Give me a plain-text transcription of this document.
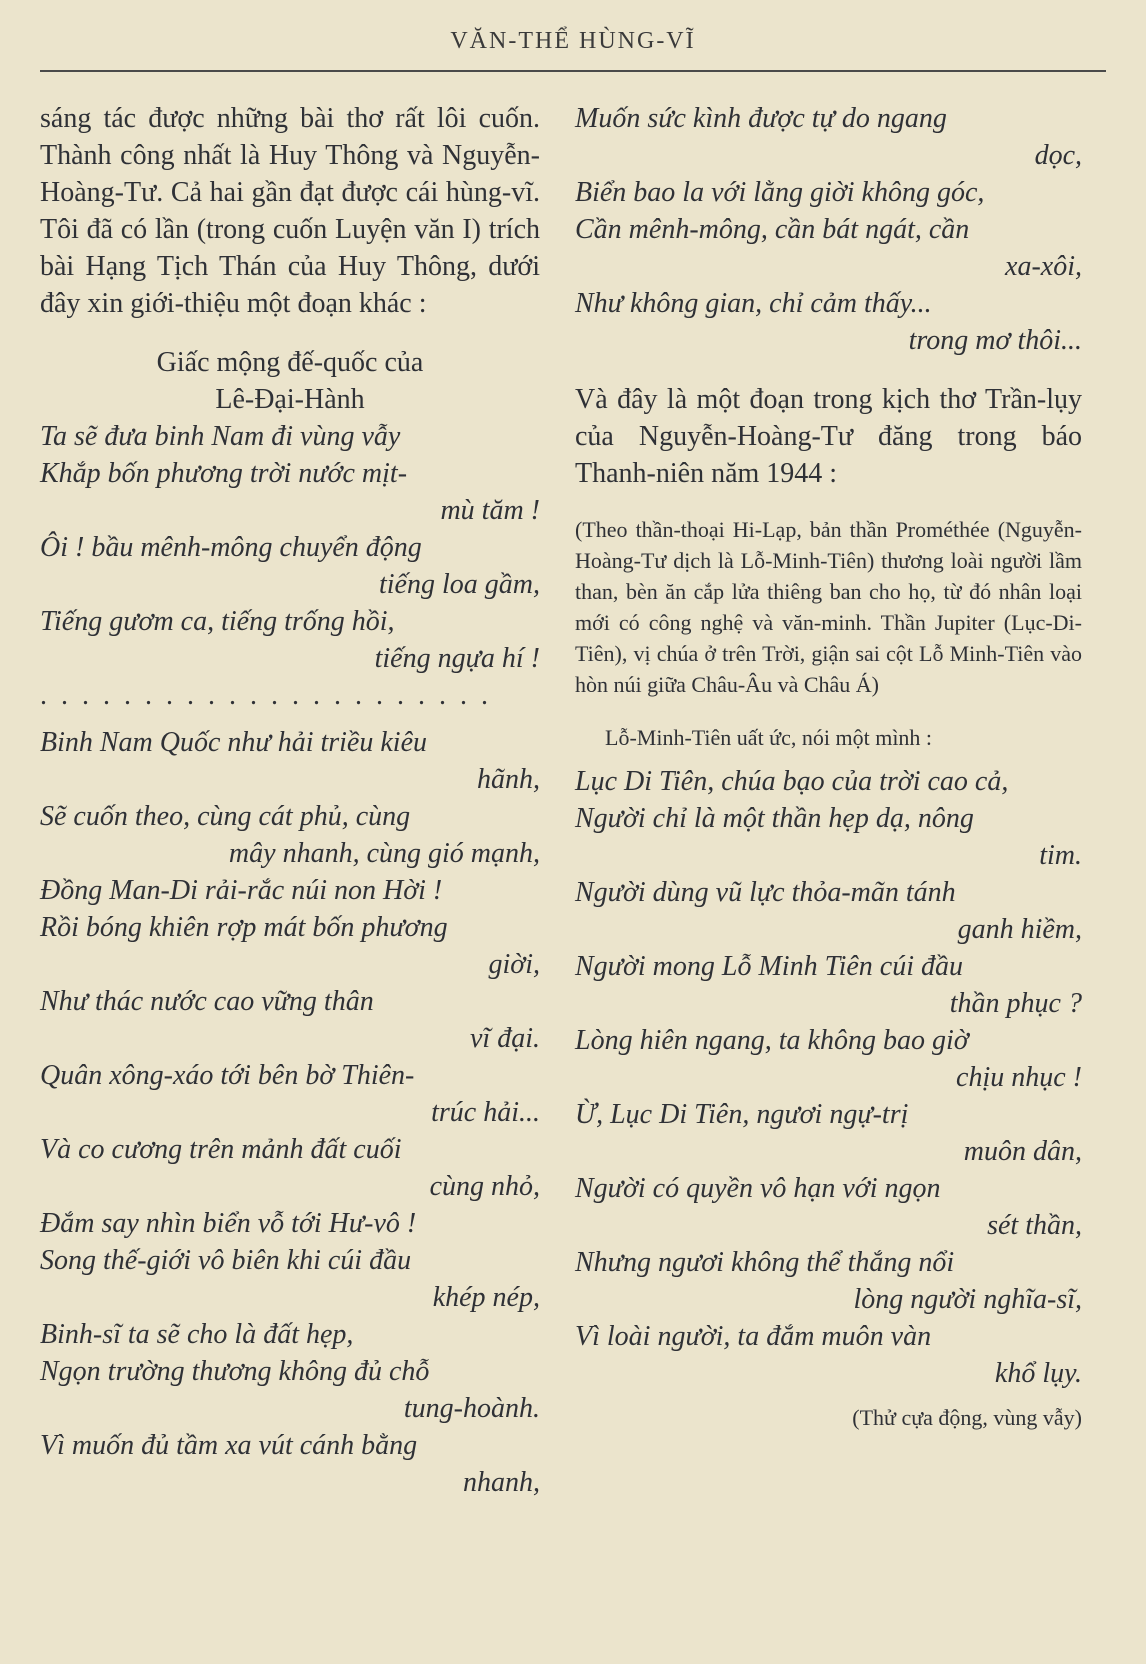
VĂN-THỂ HÙNG-VĨ

sáng tác được những bài thơ rất lôi cuốn. Thành công nhất là Huy Thông và Nguyễn-Hoàng-Tư. Cả hai gần đạt được cái hùng-vĩ. Tôi đã có lần (trong cuốn Luyện văn I) trích bài Hạng Tịch Thán của Huy Thông, dưới đây xin giới-thiệu một đoạn khác :

Giấc mộng đế-quốc của

Lê-Đại-Hành

Ta sẽ đưa binh Nam đi vùng vẫy
Khắp bốn phương trời nước mịt-
mù tăm !
Ôi ! bầu mênh-mông chuyển động
tiếng loa gầm,
Tiếng gươm ca, tiếng trống hồi,
tiếng ngựa hí !

......................

Binh Nam Quốc như hải triều kiêu
hãnh,
Sẽ cuốn theo, cùng cát phủ, cùng
mây nhanh, cùng gió mạnh,
Đồng Man-Di rải-rắc núi non Hời !
Rồi bóng khiên rợp mát bốn phương
giời,
Như thác nước cao vững thân
vĩ đại.
Quân xông-xáo tới bên bờ Thiên-
trúc hải...
Và co cương trên mảnh đất cuối
cùng nhỏ,
Đắm say nhìn biển vỗ tới Hư-vô !
Song thế-giới vô biên khi cúi đầu
khép nép,
Binh-sĩ ta sẽ cho là đất hẹp,
Ngọn trường thương không đủ chỗ
tung-hoành.
Vì muốn đủ tầm xa vút cánh bằng
nhanh,
Muốn sức kình được tự do ngang
dọc,
Biển bao la với lằng giời không góc,
Cần mênh-mông, cần bát ngát, cần
xa-xôi,
Như không gian, chỉ cảm thấy...
trong mơ thôi...

Và đây là một đoạn trong kịch thơ Trần-lụy của Nguyễn-Hoàng-Tư đăng trong báo Thanh-niên năm 1944 :

(Theo thần-thoại Hi-Lạp, bản thần Prométhée (Nguyễn-Hoàng-Tư dịch là Lỗ-Minh-Tiên) thương loài người lầm than, bèn ăn cắp lửa thiêng ban cho họ, từ đó nhân loại mới có công nghệ và văn-minh. Thần Jupiter (Lục-Di-Tiên), vị chúa ở trên Trời, giận sai cột Lỗ Minh-Tiên vào hòn núi giữa Châu-Âu và Châu Á)

Lỗ-Minh-Tiên uất ức, nói một mình :

Lục Di Tiên, chúa bạo của trời cao cả,
Người chỉ là một thần hẹp dạ, nông
tim.
Người dùng vũ lực thỏa-mãn tánh
ganh hiềm,
Người mong Lỗ Minh Tiên cúi đầu
thần phục ?
Lòng hiên ngang, ta không bao giờ
chịu nhục !
Ừ, Lục Di Tiên, ngươi ngự-trị
muôn dân,
Người có quyền vô hạn với ngọn
sét thần,
Nhưng ngươi không thể thắng nổi
lòng người nghĩa-sĩ,
Vì loài người, ta đắm muôn vàn
khổ lụy.

(Thử cựa động, vùng vẫy)
